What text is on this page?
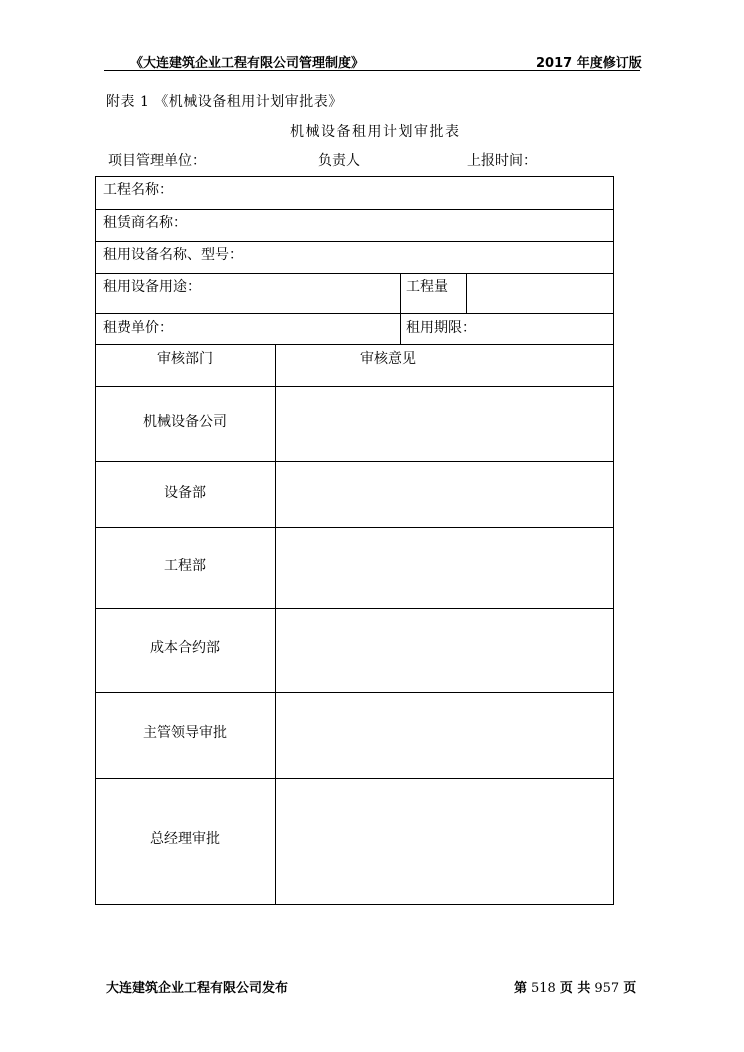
《大连建筑企业工程有限公司管理制度》	2017 年度修订版
附表 1 《机械设备租用计划审批表》
机械设备租用计划审批表
项目管理单位：	负责人	上报时间：
工程名称：
租赁商名称：
租用设备名称、型号：
租用设备用途：	工程量
租费单价：	租用期限：
审核部门	审核意见
机械设备公司
设备部
工程部
成本合约部
主管领导审批
总经理审批
大连建筑企业工程有限公司发布	第 518 页 共 957 页
